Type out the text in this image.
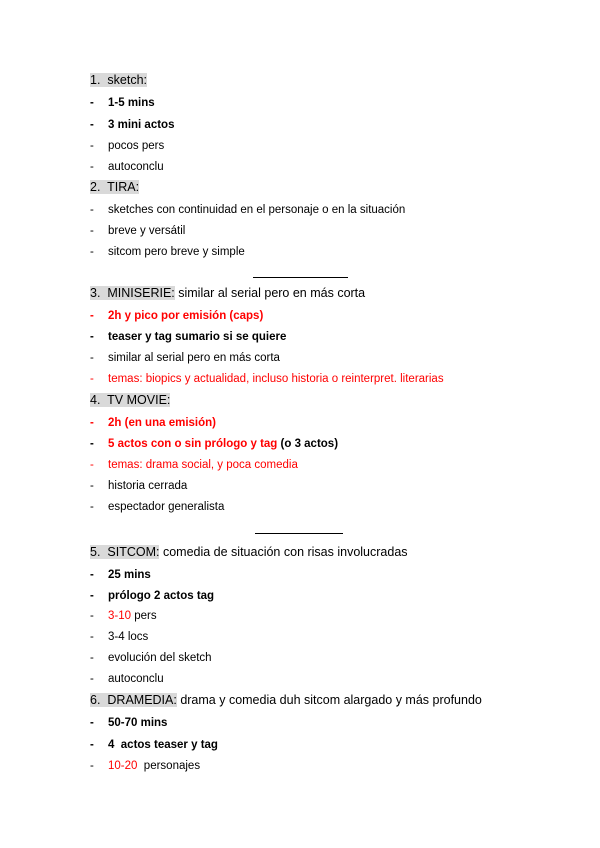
1. sketch:
- 1-5 mins
- 3 mini actos
- pocos pers
- autoconclu
2. TIRA:
- sketches con continuidad en el personaje o en la situación
- breve y versátil
- sitcom pero breve y simple
3. MINISERIE: similar al serial pero en más corta
- 2h y pico por emisión (caps)
- teaser y tag sumario si se quiere
- similar al serial pero en más corta
- temas: biopics y actualidad, incluso historia o reinterpret. literarias
4. TV MOVIE:
- 2h (en una emisión)
- 5 actos con o sin prólogo y tag (o 3 actos)
- temas: drama social, y poca comedia
- historia cerrada
- espectador generalista
5. SITCOM: comedia de situación con risas involucradas
- 25 mins
- prólogo 2 actos tag
- 3-10 pers
- 3-4 locs
- evolución del sketch
- autoconclu
6. DRAMEDIA: drama y comedia duh sitcom alargado y más profundo
- 50-70 mins
- 4  actos teaser y tag
- 10-20  personajes
